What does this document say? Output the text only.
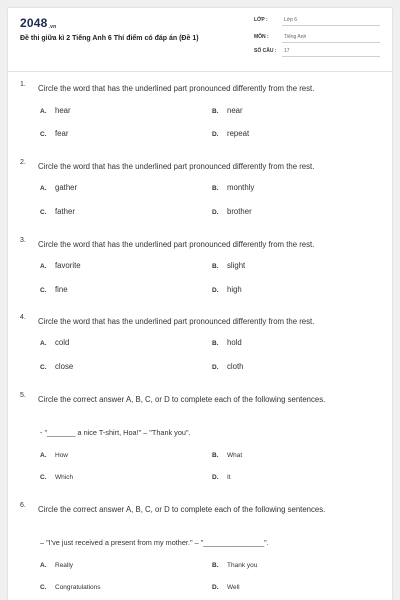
2048.vn
Đề thi giữa kì 2 Tiếng Anh 6 Thí điểm có đáp án (Đề 1)
LỚP :	Lớp 6
MÔN :	Tiếng Anh
SỐ CÂU : 17
1. Circle the word that has the underlined part pronounced differently from the rest.
A. hear	B. near
C. fear	D. repeat
2. Circle the word that has the underlined part pronounced differently from the rest.
A. gather	B. monthly
C. father	D. brother
3. Circle the word that has the underlined part pronounced differently from the rest.
A. favorite	B. slight
C. fine	D. high
4. Circle the word that has the underlined part pronounced differently from the rest.
A. cold	B. hold
C. close	D. cloth
5. Circle the correct answer A, B, C, or D to complete each of the following sentences.
- "_______ a nice T-shirt, Hoa!" – "Thank you".
A. How	B. What
C. Which	D. It
6. Circle the correct answer A, B, C, or D to complete each of the following sentences.
– "I've just received a present from my mother." – "_______________".
A. Really	B. Thank you
C. Congratulations	D. Well
